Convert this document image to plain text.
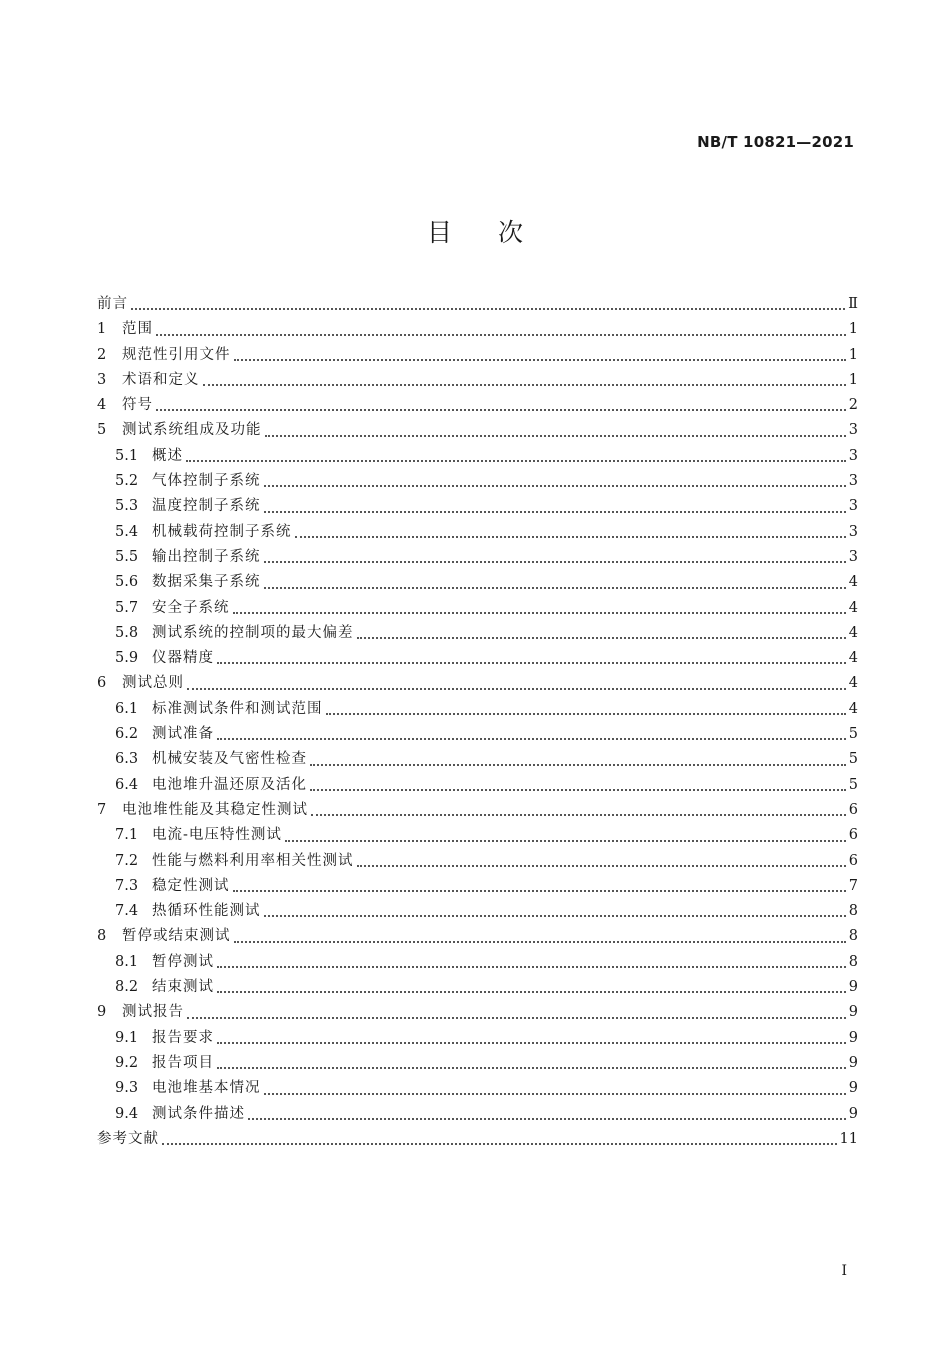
NB/T 10821—2021
目次
前言	Ⅱ
1	范围	1
2	规范性引用文件	1
3	术语和定义	1
4	符号	2
5	测试系统组成及功能	3
5.1 概述	3
5.2 气体控制子系统	3
5.3 温度控制子系统	3
5.4 机械载荷控制子系统	3
5.5 输出控制子系统	3
5.6 数据采集子系统	4
5.7 安全子系统	4
5.8 测试系统的控制项的最大偏差	4
5.9 仪器精度	4
6	测试总则	4
6.1 标准测试条件和测试范围	4
6.2 测试准备	5
6.3 机械安装及气密性检查	5
6.4 电池堆升温还原及活化	5
7	电池堆性能及其稳定性测试	6
7.1 电流-电压特性测试	6
7.2 性能与燃料利用率相关性测试	6
7.3 稳定性测试	7
7.4 热循环性能测试	8
8	暂停或结束测试	8
8.1 暂停测试	8
8.2 结束测试	9
9	测试报告	9
9.1 报告要求	9
9.2 报告项目	9
9.3 电池堆基本情况	9
9.4 测试条件描述	9
参考文献	11
I
